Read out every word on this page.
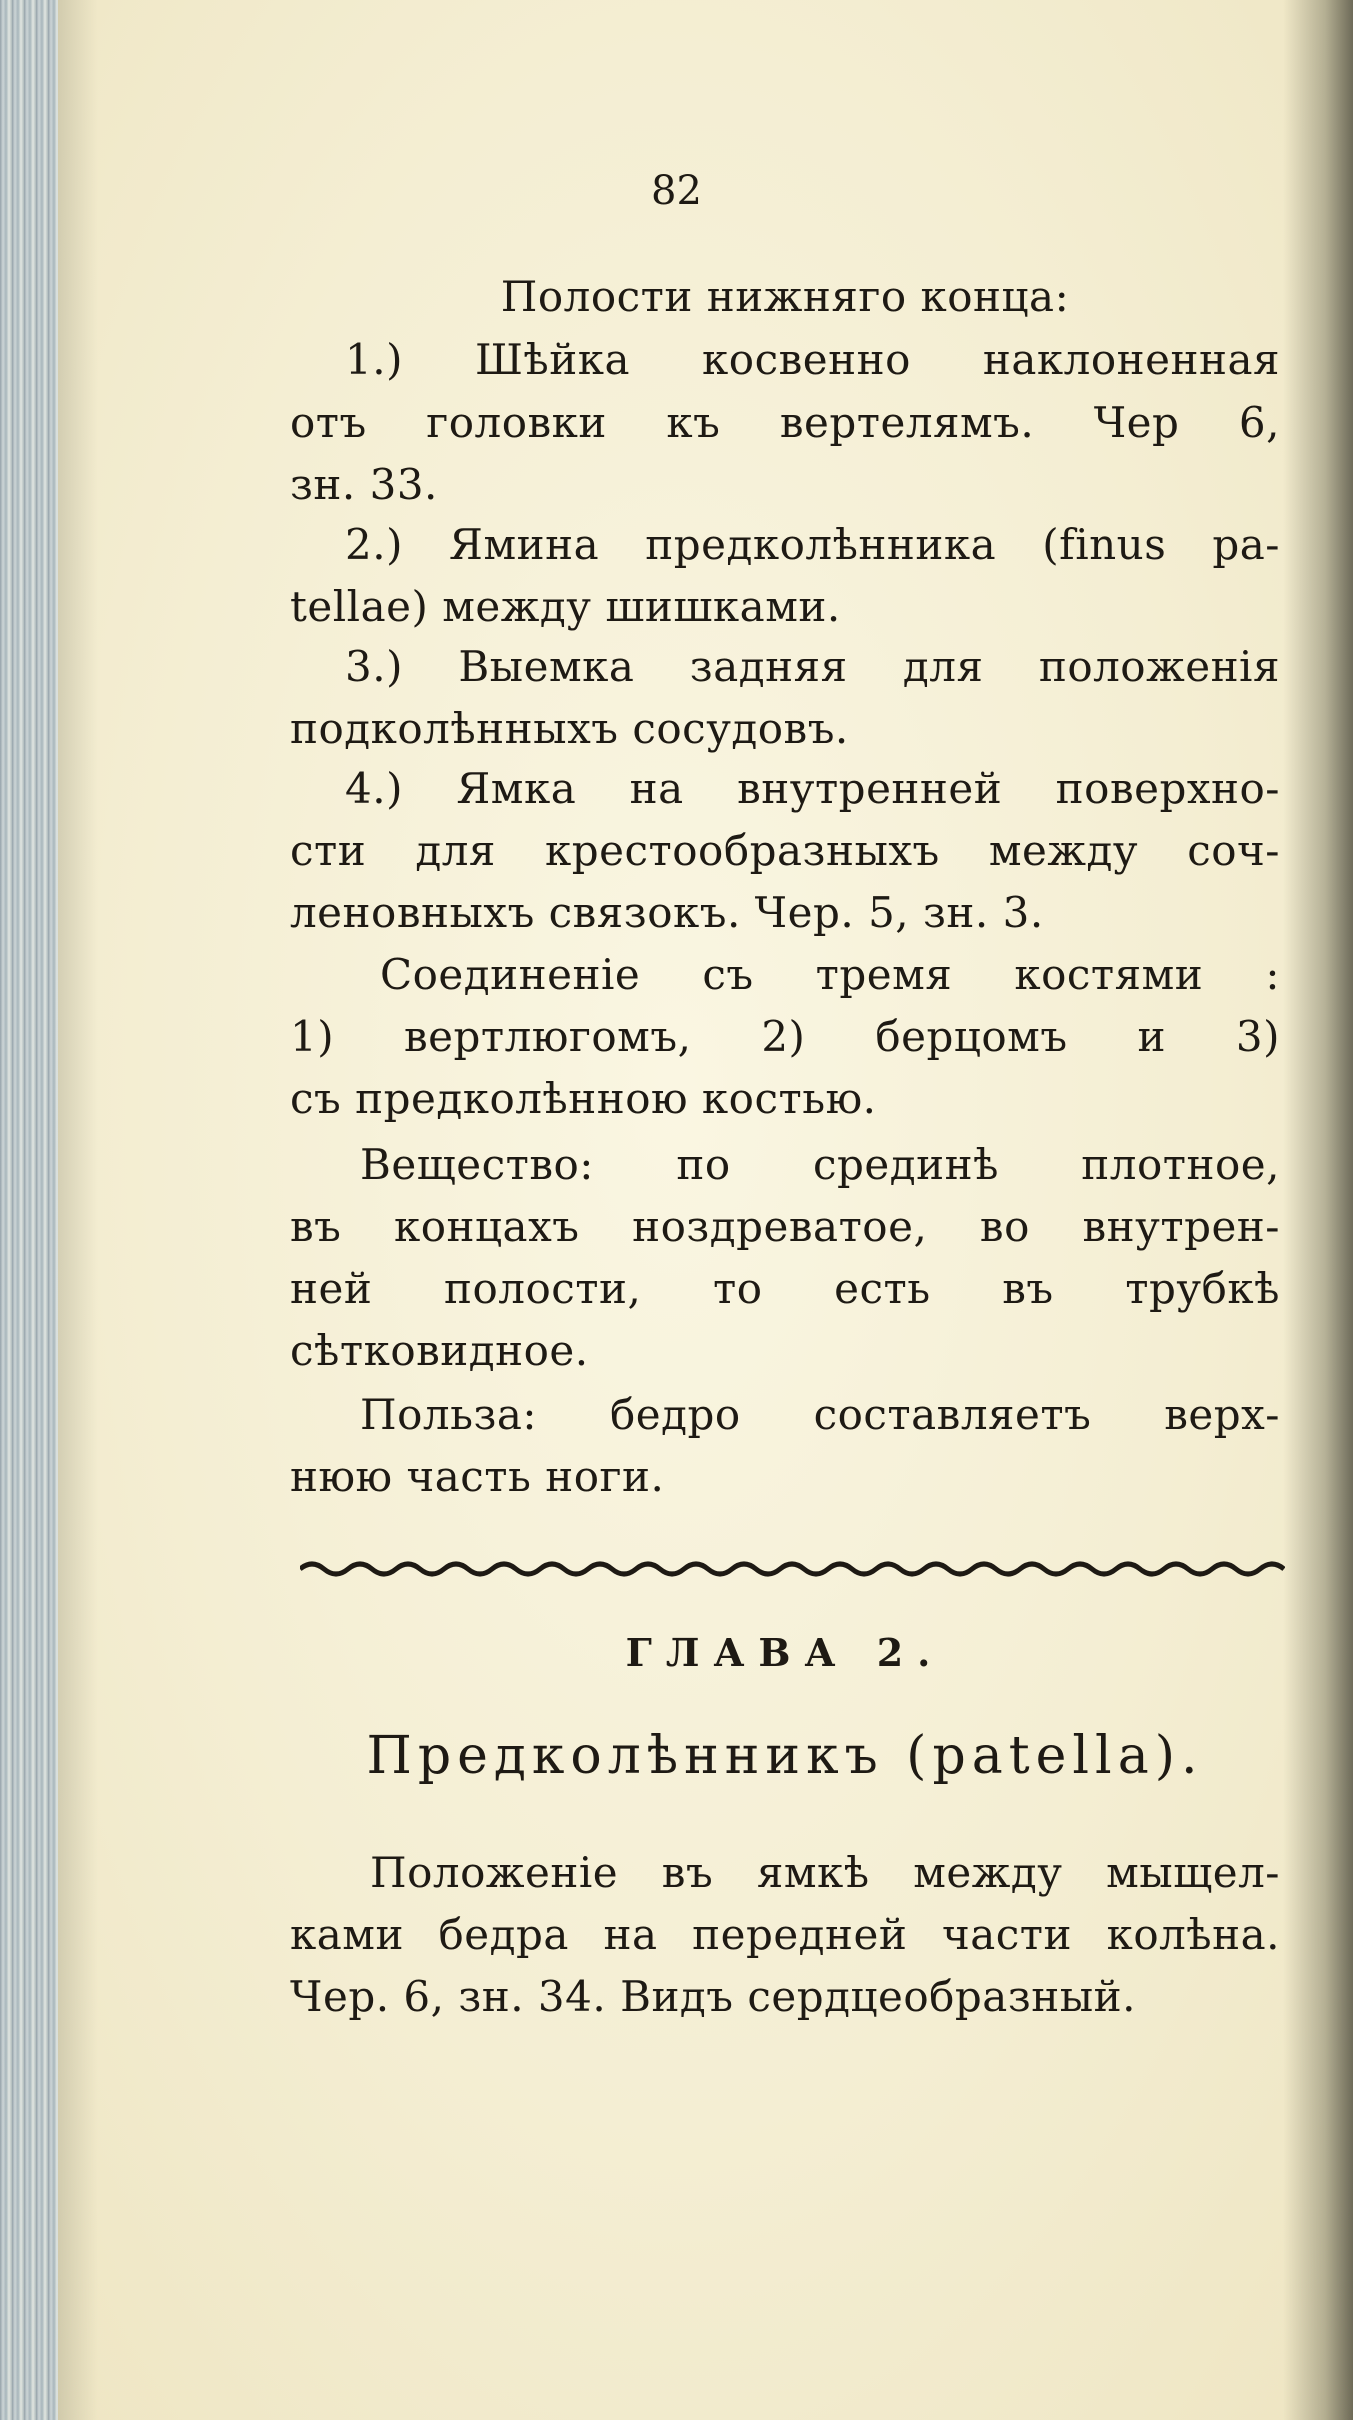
82
Полости нижняго конца:
1.) Шѣйка косвенно наклоненная
отъ головки къ вертелямъ. Чер 6,
зн. 33.
2.) Ямина предколѣнника (finus pa-
tellae) между шишками.
3.) Выемка задняя для положенія
подколѣнныхъ сосудовъ.
4.) Ямка на внутренней поверхно-
сти для крестообразныхъ между соч-
леновныхъ связокъ. Чер. 5, зн. 3.
Соединеніе съ тремя костями :
1) вертлюгомъ, 2) берцомъ и 3)
съ предколѣнною костью.
Вещество: по срединѣ плотное,
въ концахъ ноздреватое, во внутрен-
ней полости, то есть въ трубкѣ
сѣтковидное.
Польза: бедро составляетъ верх-
нюю часть ноги.
ГЛАВА 2.
Предколѣнникъ (patella).
Положеніе въ ямкѣ между мыщел-
ками бедра на передней части колѣна.
Чер. 6, зн. 34. Видъ сердцеобразный.
